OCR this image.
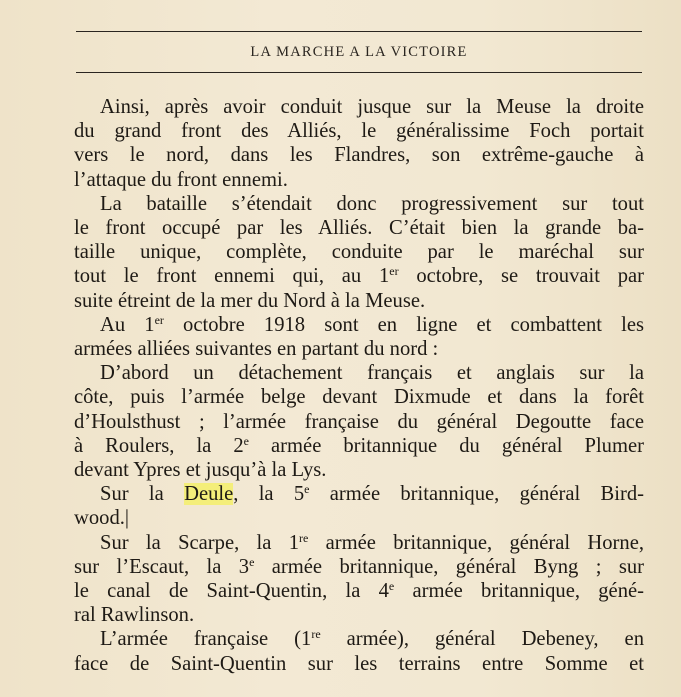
LA MARCHE A LA VICTOIRE
Ainsi, après avoir conduit jusque sur la Meuse la droite
du grand front des Alliés, le généralissime Foch portait
vers le nord, dans les Flandres, son extrême-gauche à
l’attaque du front ennemi.
La bataille s’étendait donc progressivement sur tout
le front occupé par les Alliés. C’était bien la grande ba-
taille unique, complète, conduite par le maréchal sur
tout le front ennemi qui, au 1er octobre, se trouvait par
suite étreint de la mer du Nord à la Meuse.
Au 1er octobre 1918 sont en ligne et combattent les
armées alliées suivantes en partant du nord :
D’abord un détachement français et anglais sur la
côte, puis l’armée belge devant Dixmude et dans la forêt
d’Houlsthust ; l’armée française du général Degoutte face
à Roulers, la 2e armée britannique du général Plumer
devant Ypres et jusqu’à la Lys.
Sur la Deule, la 5e armée britannique, général Bird-
wood.|
Sur la Scarpe, la 1re armée britannique, général Horne,
sur l’Escaut, la 3e armée britannique, général Byng ; sur
le canal de Saint-Quentin, la 4e armée britannique, géné-
ral Rawlinson.
L’armée française (1re armée), général Debeney, en
face de Saint-Quentin sur les terrains entre Somme et
